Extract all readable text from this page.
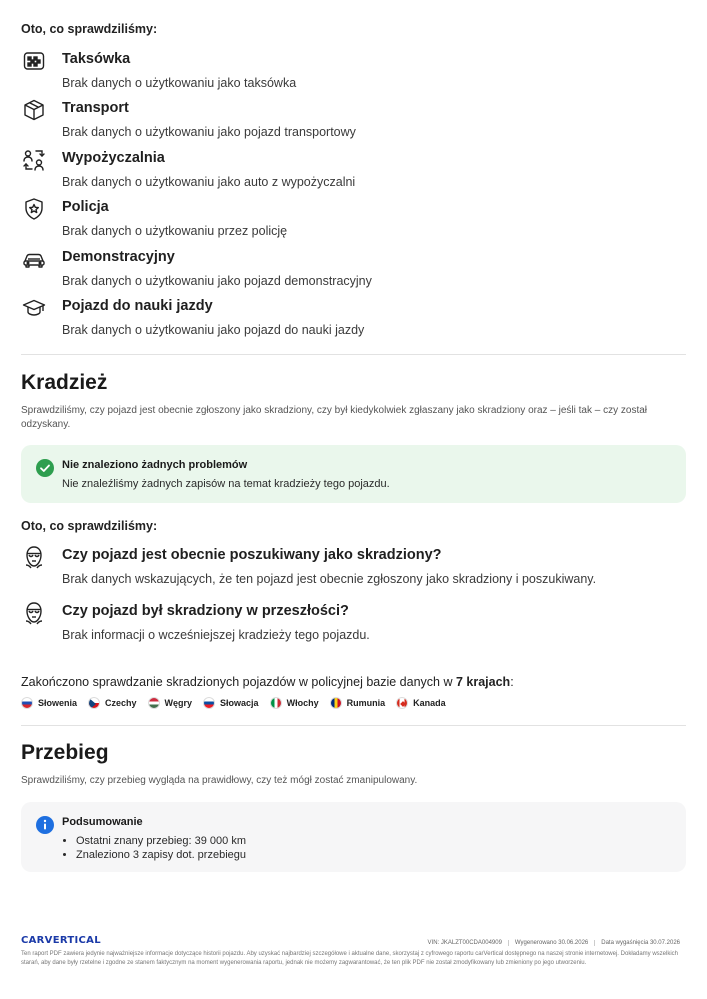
Oto, co sprawdziliśmy:
Taksówka
Brak danych o użytkowaniu jako taksówka
Transport
Brak danych o użytkowaniu jako pojazd transportowy
Wypożyczalnia
Brak danych o użytkowaniu jako auto z wypożyczalni
Policja
Brak danych o użytkowaniu przez policję
Demonstracyjny
Brak danych o użytkowaniu jako pojazd demonstracyjny
Pojazd do nauki jazdy
Brak danych o użytkowaniu jako pojazd do nauki jazdy
Kradzież
Sprawdziliśmy, czy pojazd jest obecnie zgłoszony jako skradziony, czy był kiedykolwiek zgłaszany jako skradziony oraz – jeśli tak – czy został odzyskany.
Nie znaleziono żadnych problemów
Nie znaleźliśmy żadnych zapisów na temat kradzieży tego pojazdu.
Oto, co sprawdziliśmy:
Czy pojazd jest obecnie poszukiwany jako skradziony?
Brak danych wskazujących, że ten pojazd jest obecnie zgłoszony jako skradziony i poszukiwany.
Czy pojazd był skradziony w przeszłości?
Brak informacji o wcześniejszej kradzieży tego pojazdu.
Zakończono sprawdzanie skradzionych pojazdów w policyjnej bazie danych w 7 krajach:
Słowenia	Czechy	Węgry	Słowacja	Włochy	Rumunia	Kanada
Przebieg
Sprawdziliśmy, czy przebieg wygląda na prawidłowy, czy też mógł zostać zmanipulowany.
Podsumowanie
• Ostatni znany przebieg: 39 000 km
• Znaleziono 3 zapisy dot. przebiegu
CARVERTICAL	VIN: JKALZT00CDA004909	Wygenerowano 30.06.2026	Data wygaśnięcia 30.07.2026
Ten raport PDF zawiera jedynie najważniejsze informacje dotyczące historii pojazdu. Aby uzyskać najbardziej szczegółowe i aktualne dane, skorzystaj z cyfrowego raportu carVertical dostępnego na naszej stronie internetowej. Dokładamy wszelkich starań, aby dane były rzetelne i zgodne ze stanem faktycznym na moment wygenerowania raportu, jednak nie możemy zagwarantować, że ten plik PDF nie został zmodyfikowany lub zmieniony po jego utworzeniu.
